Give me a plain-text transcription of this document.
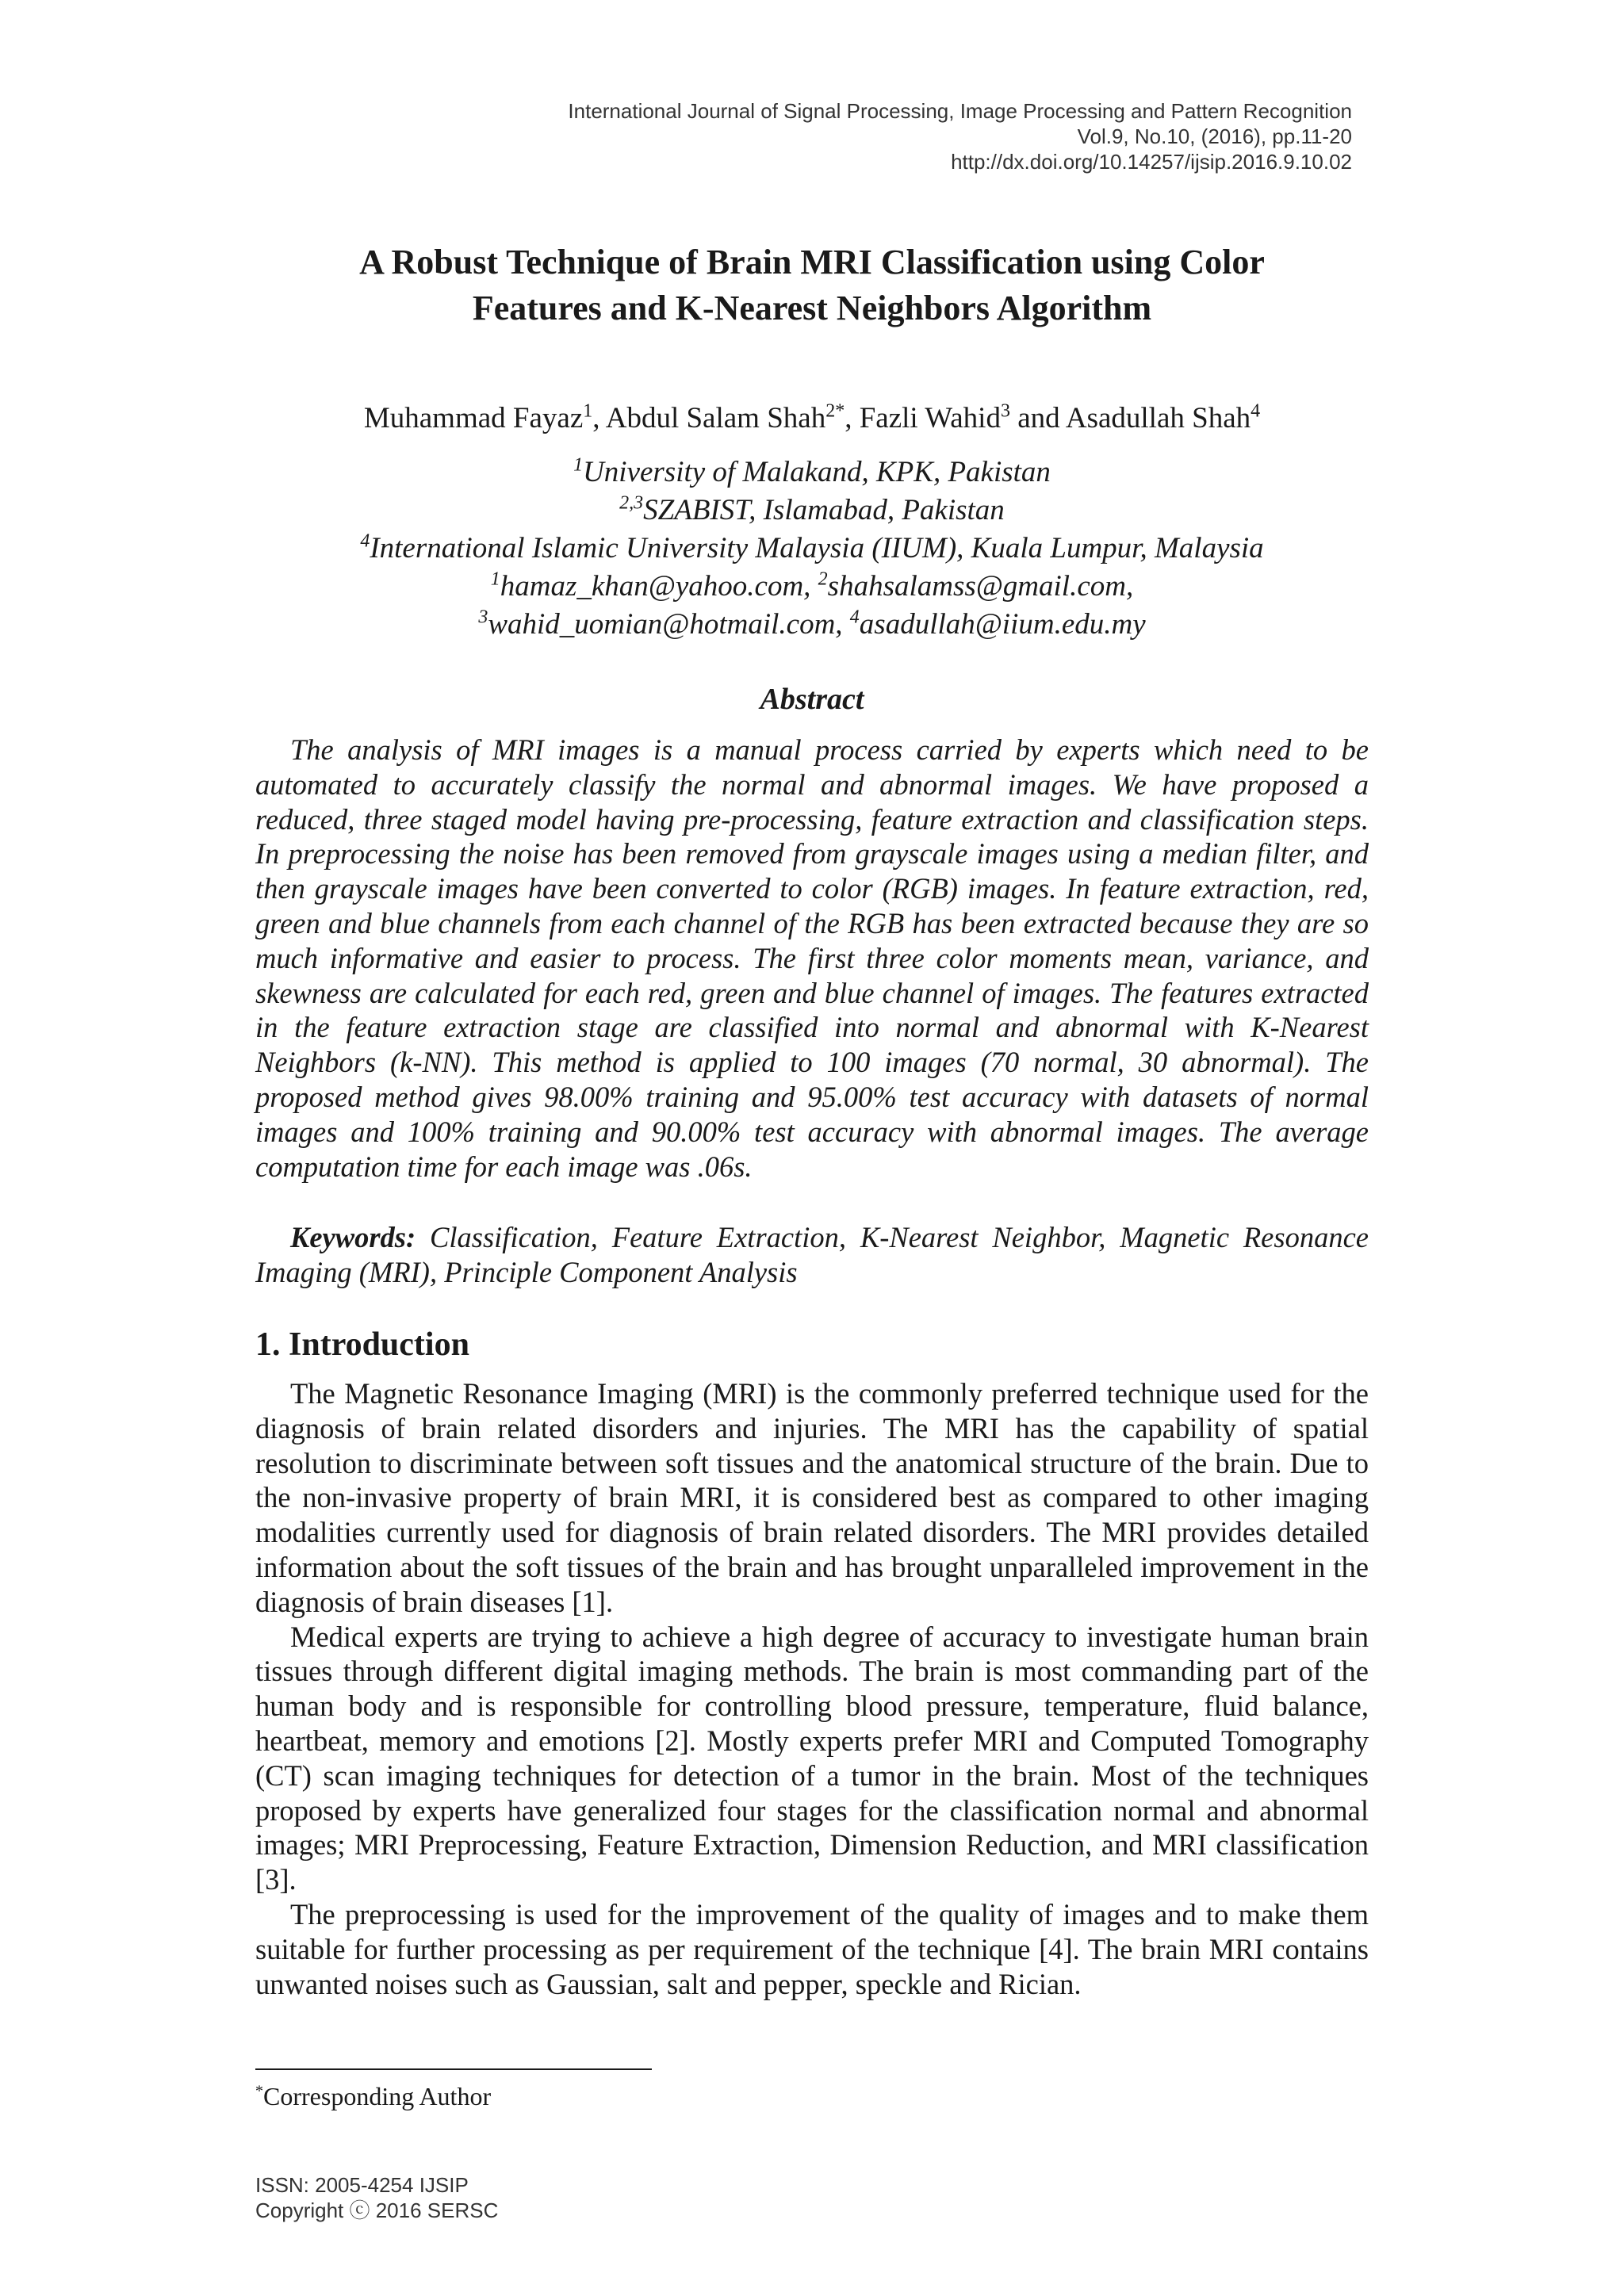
International Journal of Signal Processing, Image Processing and Pattern Recognition
Vol.9, No.10, (2016), pp.11-20
http://dx.doi.org/10.14257/ijsip.2016.9.10.02
A Robust Technique of Brain MRI Classification using Color
Features and K-Nearest Neighbors Algorithm
Muhammad Fayaz$^1$, Abdul Salam Shah$^{2*}$, Fazli Wahid$^3$ and Asadullah Shah$^4$
$^1$University of Malakand, KPK, Pakistan
$^{2,3}$SZABIST, Islamabad, Pakistan
$^4$International Islamic University Malaysia (IIUM), Kuala Lumpur, Malaysia
$^1$hamaz_khan@yahoo.com, $^2$shahsalamss@gmail.com,
$^3$wahid_uomian@hotmail.com, $^4$asadullah@iium.edu.my
Abstract
The analysis of MRI images is a manual process carried by experts which need to be automated to accurately classify the normal and abnormal images. We have proposed a reduced, three staged model having pre-processing, feature extraction and classification steps. In preprocessing the noise has been removed from grayscale images using a median filter, and then grayscale images have been converted to color (RGB) images. In feature extraction, red, green and blue channels from each channel of the RGB has been extracted because they are so much informative and easier to process. The first three color moments mean, variance, and skewness are calculated for each red, green and blue channel of images. The features extracted in the feature extraction stage are classified into normal and abnormal with K-Nearest Neighbors (k-NN). This method is applied to 100 images (70 normal, 30 abnormal). The proposed method gives 98.00% training and 95.00% test accuracy with datasets of normal images and 100% training and 90.00% test accuracy with abnormal images. The average computation time for each image was .06s.
Keywords: Classification, Feature Extraction, K-Nearest Neighbor, Magnetic Resonance Imaging (MRI), Principle Component Analysis
1. Introduction

The Magnetic Resonance Imaging (MRI) is the commonly preferred technique used for the diagnosis of brain related disorders and injuries. The MRI has the capability of spatial resolution to discriminate between soft tissues and the anatomical structure of the brain. Due to the non-invasive property of brain MRI, it is considered best as compared to other imaging modalities currently used for diagnosis of brain related disorders. The MRI provides detailed information about the soft tissues of the brain and has brought unparalleled improvement in the diagnosis of brain diseases [1].

Medical experts are trying to achieve a high degree of accuracy to investigate human brain tissues through different digital imaging methods. The brain is most commanding part of the human body and is responsible for controlling blood pressure, temperature, fluid balance, heartbeat, memory and emotions [2]. Mostly experts prefer MRI and Computed Tomography (CT) scan imaging techniques for detection of a tumor in the brain. Most of the techniques proposed by experts have generalized four stages for the classification normal and abnormal images; MRI Preprocessing, Feature Extraction, Dimension Reduction, and MRI classification [3].

The preprocessing is used for the improvement of the quality of images and to make them suitable for further processing as per requirement of the technique [4]. The brain MRI contains unwanted noises such as Gaussian, salt and pepper, speckle and Rician.

*Corresponding Author
ISSN: 2005-4254 IJSIP
Copyright ⓒ 2016 SERSC
